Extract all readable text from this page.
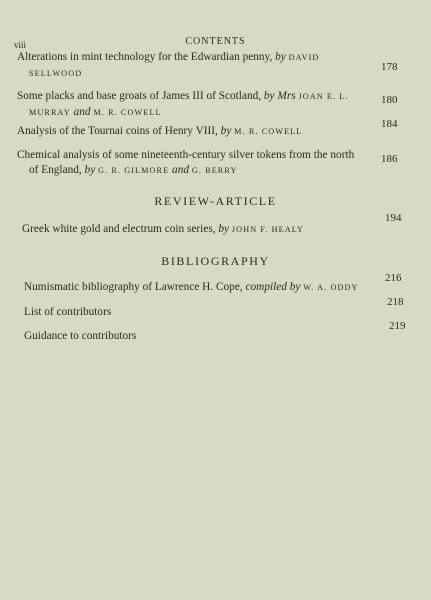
viii	CONTENTS
Alterations in mint technology for the Edwardian penny, by DAVID
SELLWOOD	178
Some placks and base groats of James III of Scotland, by Mrs JOAN E. L.
MURRAY and M. R. COWELL
180
Analysis of the Tournai coins of Henry VIII, by M. R. COWELL
184
Chemical analysis of some nineteenth-century silver tokens from the north
of England, by G. R. GILMORE and G. BERRY
186
REVIEW-ARTICLE
Greek white gold and electrum coin series, by JOHN F. HEALY
194
BIBLIOGRAPHY
Numismatic bibliography of Lawrence H. Cope, compiled by W. A. ODDY
216
List of contributors
218
Guidance to contributors
219
